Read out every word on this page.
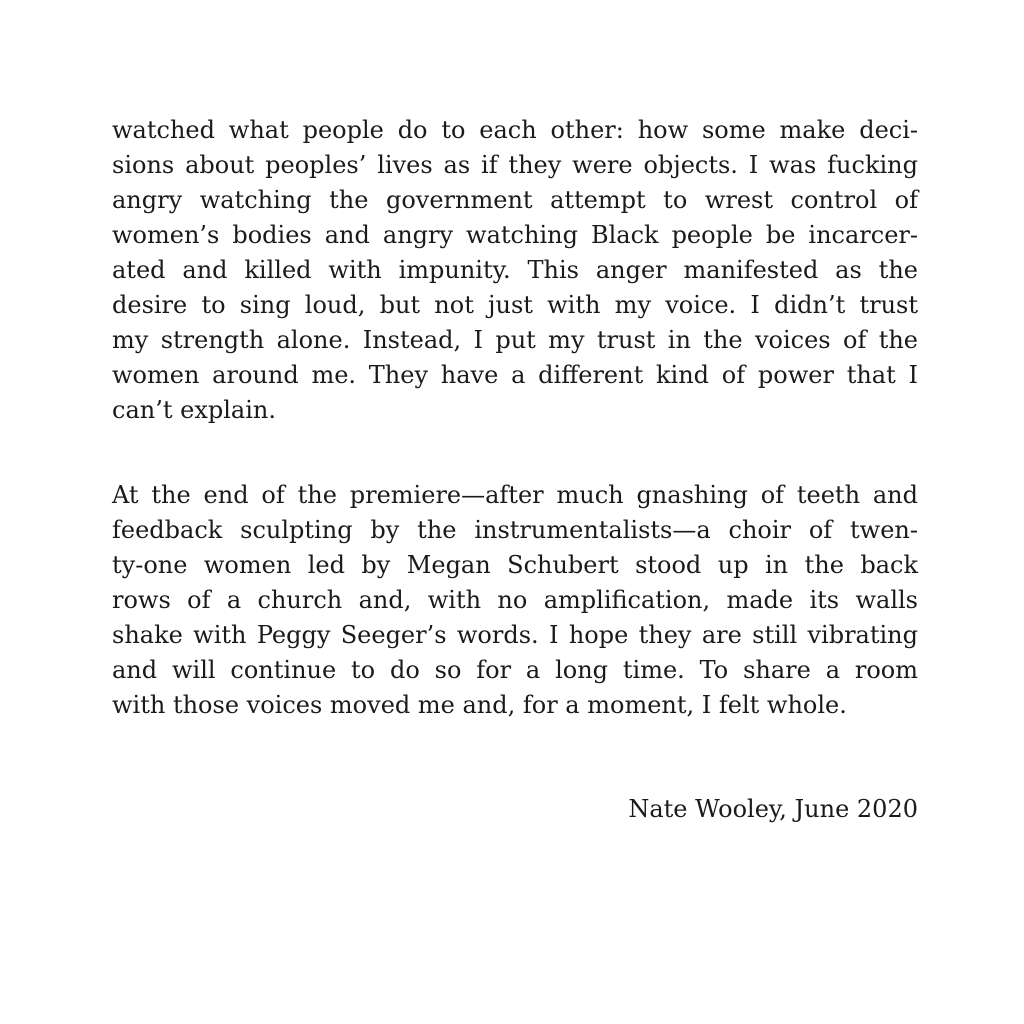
watched what people do to each other: how some make deci-
sions about peoples’ lives as if they were objects. I was fucking
angry watching the government attempt to wrest control of
women’s bodies and angry watching Black people be incarcer-
ated and killed with impunity. This anger manifested as the
desire to sing loud, but not just with my voice. I didn’t trust
my strength alone. Instead, I put my trust in the voices of the
women around me. They have a different kind of power that I
can’t explain.
At the end of the premiere—after much gnashing of teeth and
feedback sculpting by the instrumentalists—a choir of twen-
ty-one women led by Megan Schubert stood up in the back
rows of a church and, with no amplification, made its walls
shake with Peggy Seeger’s words. I hope they are still vibrating
and will continue to do so for a long time. To share a room
with those voices moved me and, for a moment, I felt whole.
Nate Wooley, June 2020
